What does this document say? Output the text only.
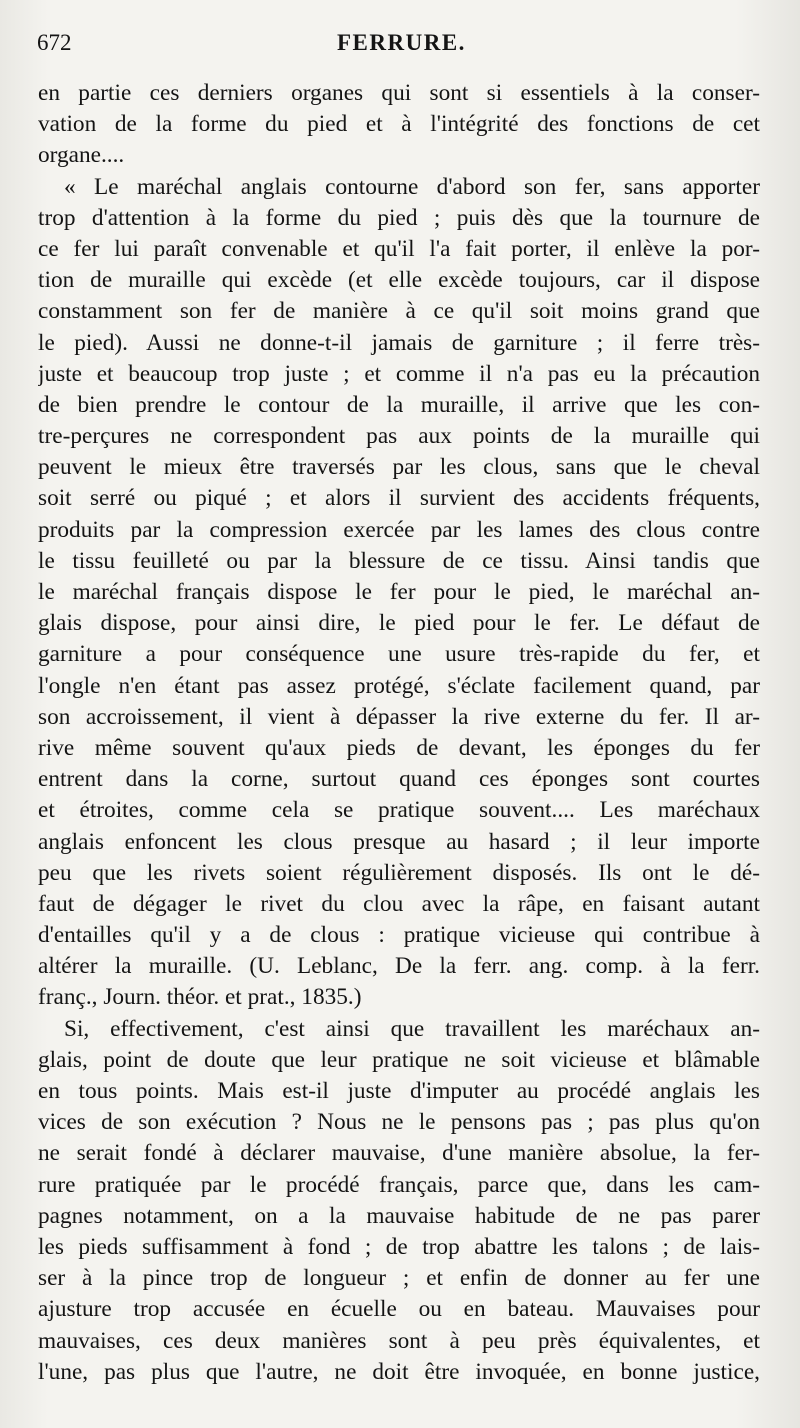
672	FERRURE.
en partie ces derniers organes qui sont si essentiels à la conser-
vation de la forme du pied et à l'intégrité des fonctions de cet
organe....
« Le maréchal anglais contourne d'abord son fer, sans apporter
trop d'attention à la forme du pied ; puis dès que la tournure de
ce fer lui paraît convenable et qu'il l'a fait porter, il enlève la por-
tion de muraille qui excède (et elle excède toujours, car il dispose
constamment son fer de manière à ce qu'il soit moins grand que
le pied). Aussi ne donne-t-il jamais de garniture ; il ferre très-
juste et beaucoup trop juste ; et comme il n'a pas eu la précaution
de bien prendre le contour de la muraille, il arrive que les con-
tre-perçures ne correspondent pas aux points de la muraille qui
peuvent le mieux être traversés par les clous, sans que le cheval
soit serré ou piqué ; et alors il survient des accidents fréquents,
produits par la compression exercée par les lames des clous contre
le tissu feuilleté ou par la blessure de ce tissu. Ainsi tandis que
le maréchal français dispose le fer pour le pied, le maréchal an-
glais dispose, pour ainsi dire, le pied pour le fer. Le défaut de
garniture a pour conséquence une usure très-rapide du fer, et
l'ongle n'en étant pas assez protégé, s'éclate facilement quand, par
son accroissement, il vient à dépasser la rive externe du fer. Il ar-
rive même souvent qu'aux pieds de devant, les éponges du fer
entrent dans la corne, surtout quand ces éponges sont courtes
et étroites, comme cela se pratique souvent.... Les maréchaux
anglais enfoncent les clous presque au hasard ; il leur importe
peu que les rivets soient régulièrement disposés. Ils ont le dé-
faut de dégager le rivet du clou avec la râpe, en faisant autant
d'entailles qu'il y a de clous : pratique vicieuse qui contribue à
altérer la muraille. (U. Leblanc, De la ferr. ang. comp. à la ferr.
franç., Journ. théor. et prat., 1835.)
Si, effectivement, c'est ainsi que travaillent les maréchaux an-
glais, point de doute que leur pratique ne soit vicieuse et blâmable
en tous points. Mais est-il juste d'imputer au procédé anglais les
vices de son exécution ? Nous ne le pensons pas ; pas plus qu'on
ne serait fondé à déclarer mauvaise, d'une manière absolue, la fer-
rure pratiquée par le procédé français, parce que, dans les cam-
pagnes notamment, on a la mauvaise habitude de ne pas parer
les pieds suffisamment à fond ; de trop abattre les talons ; de lais-
ser à la pince trop de longueur ; et enfin de donner au fer une
ajusture trop accusée en écuelle ou en bateau. Mauvaises pour
mauvaises, ces deux manières sont à peu près équivalentes, et
l'une, pas plus que l'autre, ne doit être invoquée, en bonne justice,
